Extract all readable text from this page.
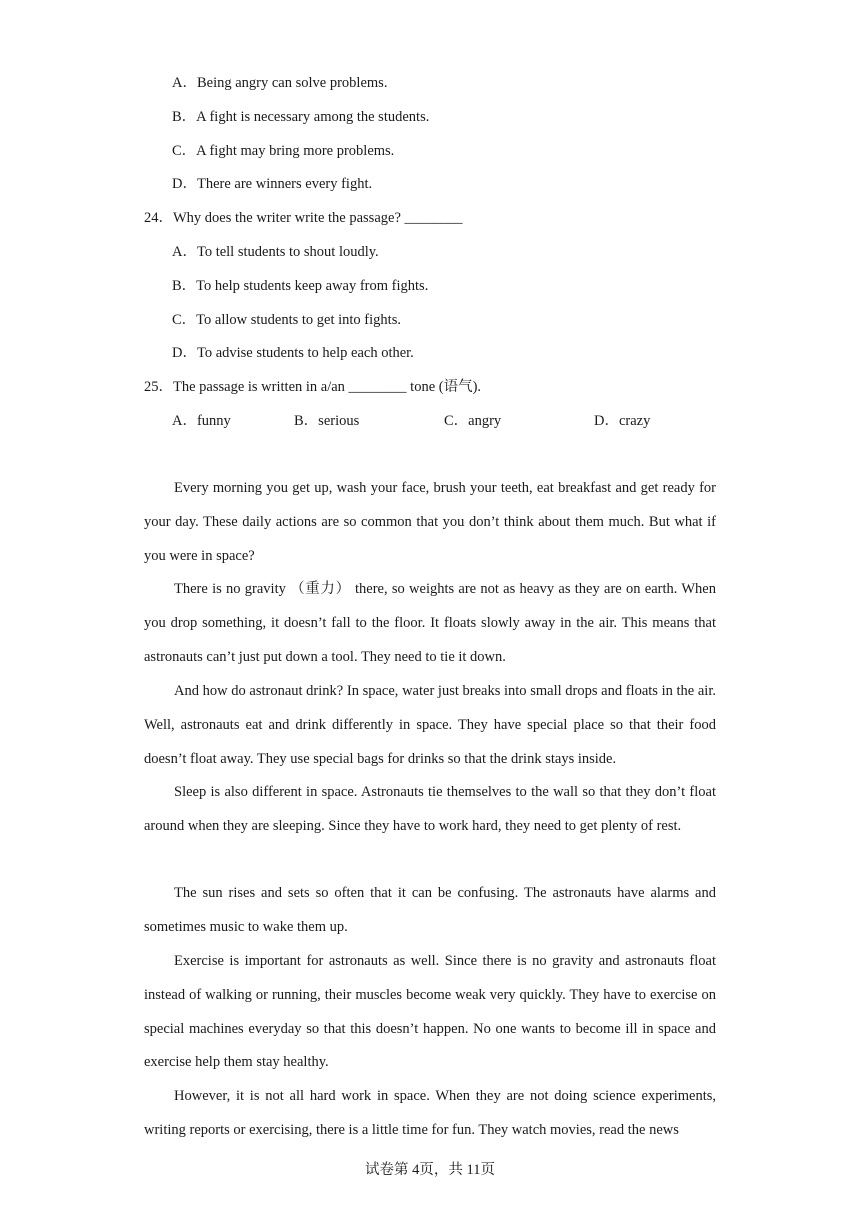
A．Being angry can solve problems.
B．A fight is necessary among the students.
C．A fight may bring more problems.
D．There are winners every fight.
24．Why does the writer write the passage? ________
A．To tell students to shout loudly.
B．To help students keep away from fights.
C．To allow students to get into fights.
D．To advise students to help each other.
25．The passage is written in a/an ________ tone (语气).
A．funny	B．serious	C．angry	D．crazy

Every morning you get up, wash your face, brush your teeth, eat breakfast and get ready for your day. These daily actions are so common that you don’t think about them much. But what if you were in space?

There is no gravity （重力） there, so weights are not as heavy as they are on earth. When you drop something, it doesn’t fall to the floor. It floats slowly away in the air. This means that astronauts can’t just put down a tool. They need to tie it down.

And how do astronaut drink? In space, water just breaks into small drops and floats in the air. Well, astronauts eat and drink differently in space. They have special place so that their food doesn’t float away. They use special bags for drinks so that the drink stays inside.

Sleep is also different in space. Astronauts tie themselves to the wall so that they don’t float around when they are sleeping. Since they have to work hard, they need to get plenty of rest.

The sun rises and sets so often that it can be confusing. The astronauts have alarms and sometimes music to wake them up.

Exercise is important for astronauts as well. Since there is no gravity and astronauts float instead of walking or running, their muscles become weak very quickly. They have to exercise on special machines everyday so that this doesn’t happen. No one wants to become ill in space and exercise help them stay healthy.

However, it is not all hard work in space. When they are not doing science experiments, writing reports or exercising, there is a little time for fun. They watch movies, read the news

试卷第 4页，共 11页
